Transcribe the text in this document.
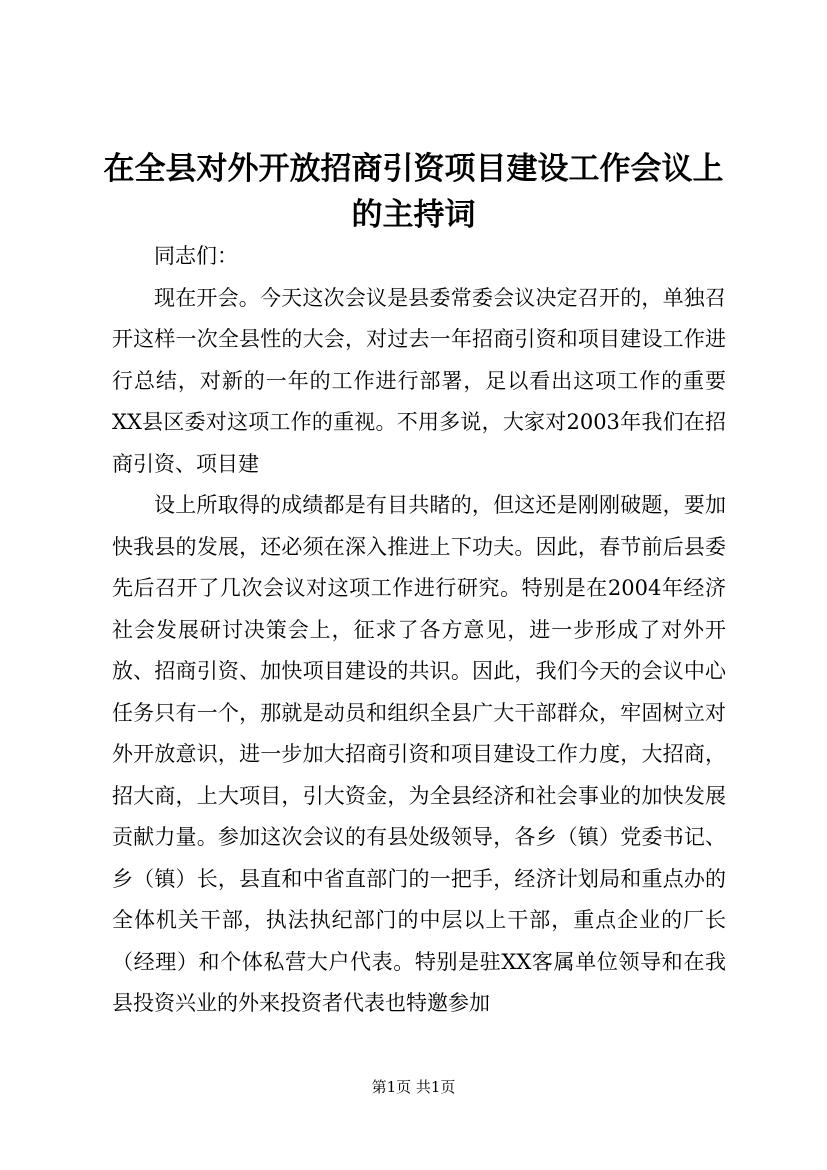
在全县对外开放招商引资项目建设工作会议上的主持词

同志们：

现在开会。今天这次会议是县委常委会议决定召开的，单独召开这样一次全县性的大会，对过去一年招商引资和项目建设工作进行总结，对新的一年的工作进行部署，足以看出这项工作的重要XX县区委对这项工作的重视。不用多说，大家对2003年我们在招商引资、项目建

设上所取得的成绩都是有目共睹的，但这还是刚刚破题，要加快我县的发展，还必须在深入推进上下功夫。因此，春节前后县委先后召开了几次会议对这项工作进行研究。特别是在2004年经济社会发展研讨决策会上，征求了各方意见，进一步形成了对外开放、招商引资、加快项目建设的共识。因此，我们今天的会议中心任务只有一个，那就是动员和组织全县广大干部群众，牢固树立对外开放意识，进一步加大招商引资和项目建设工作力度，大招商，招大商，上大项目，引大资金，为全县经济和社会事业的加快发展贡献力量。参加这次会议的有县处级领导，各乡（镇）党委书记、乡（镇）长，县直和中省直部门的一把手，经济计划局和重点办的全体机关干部，执法执纪部门的中层以上干部，重点企业的厂长（经理）和个体私营大户代表。特别是驻XX客属单位领导和在我县投资兴业的外来投资者代表也特邀参加

第1页 共1页
